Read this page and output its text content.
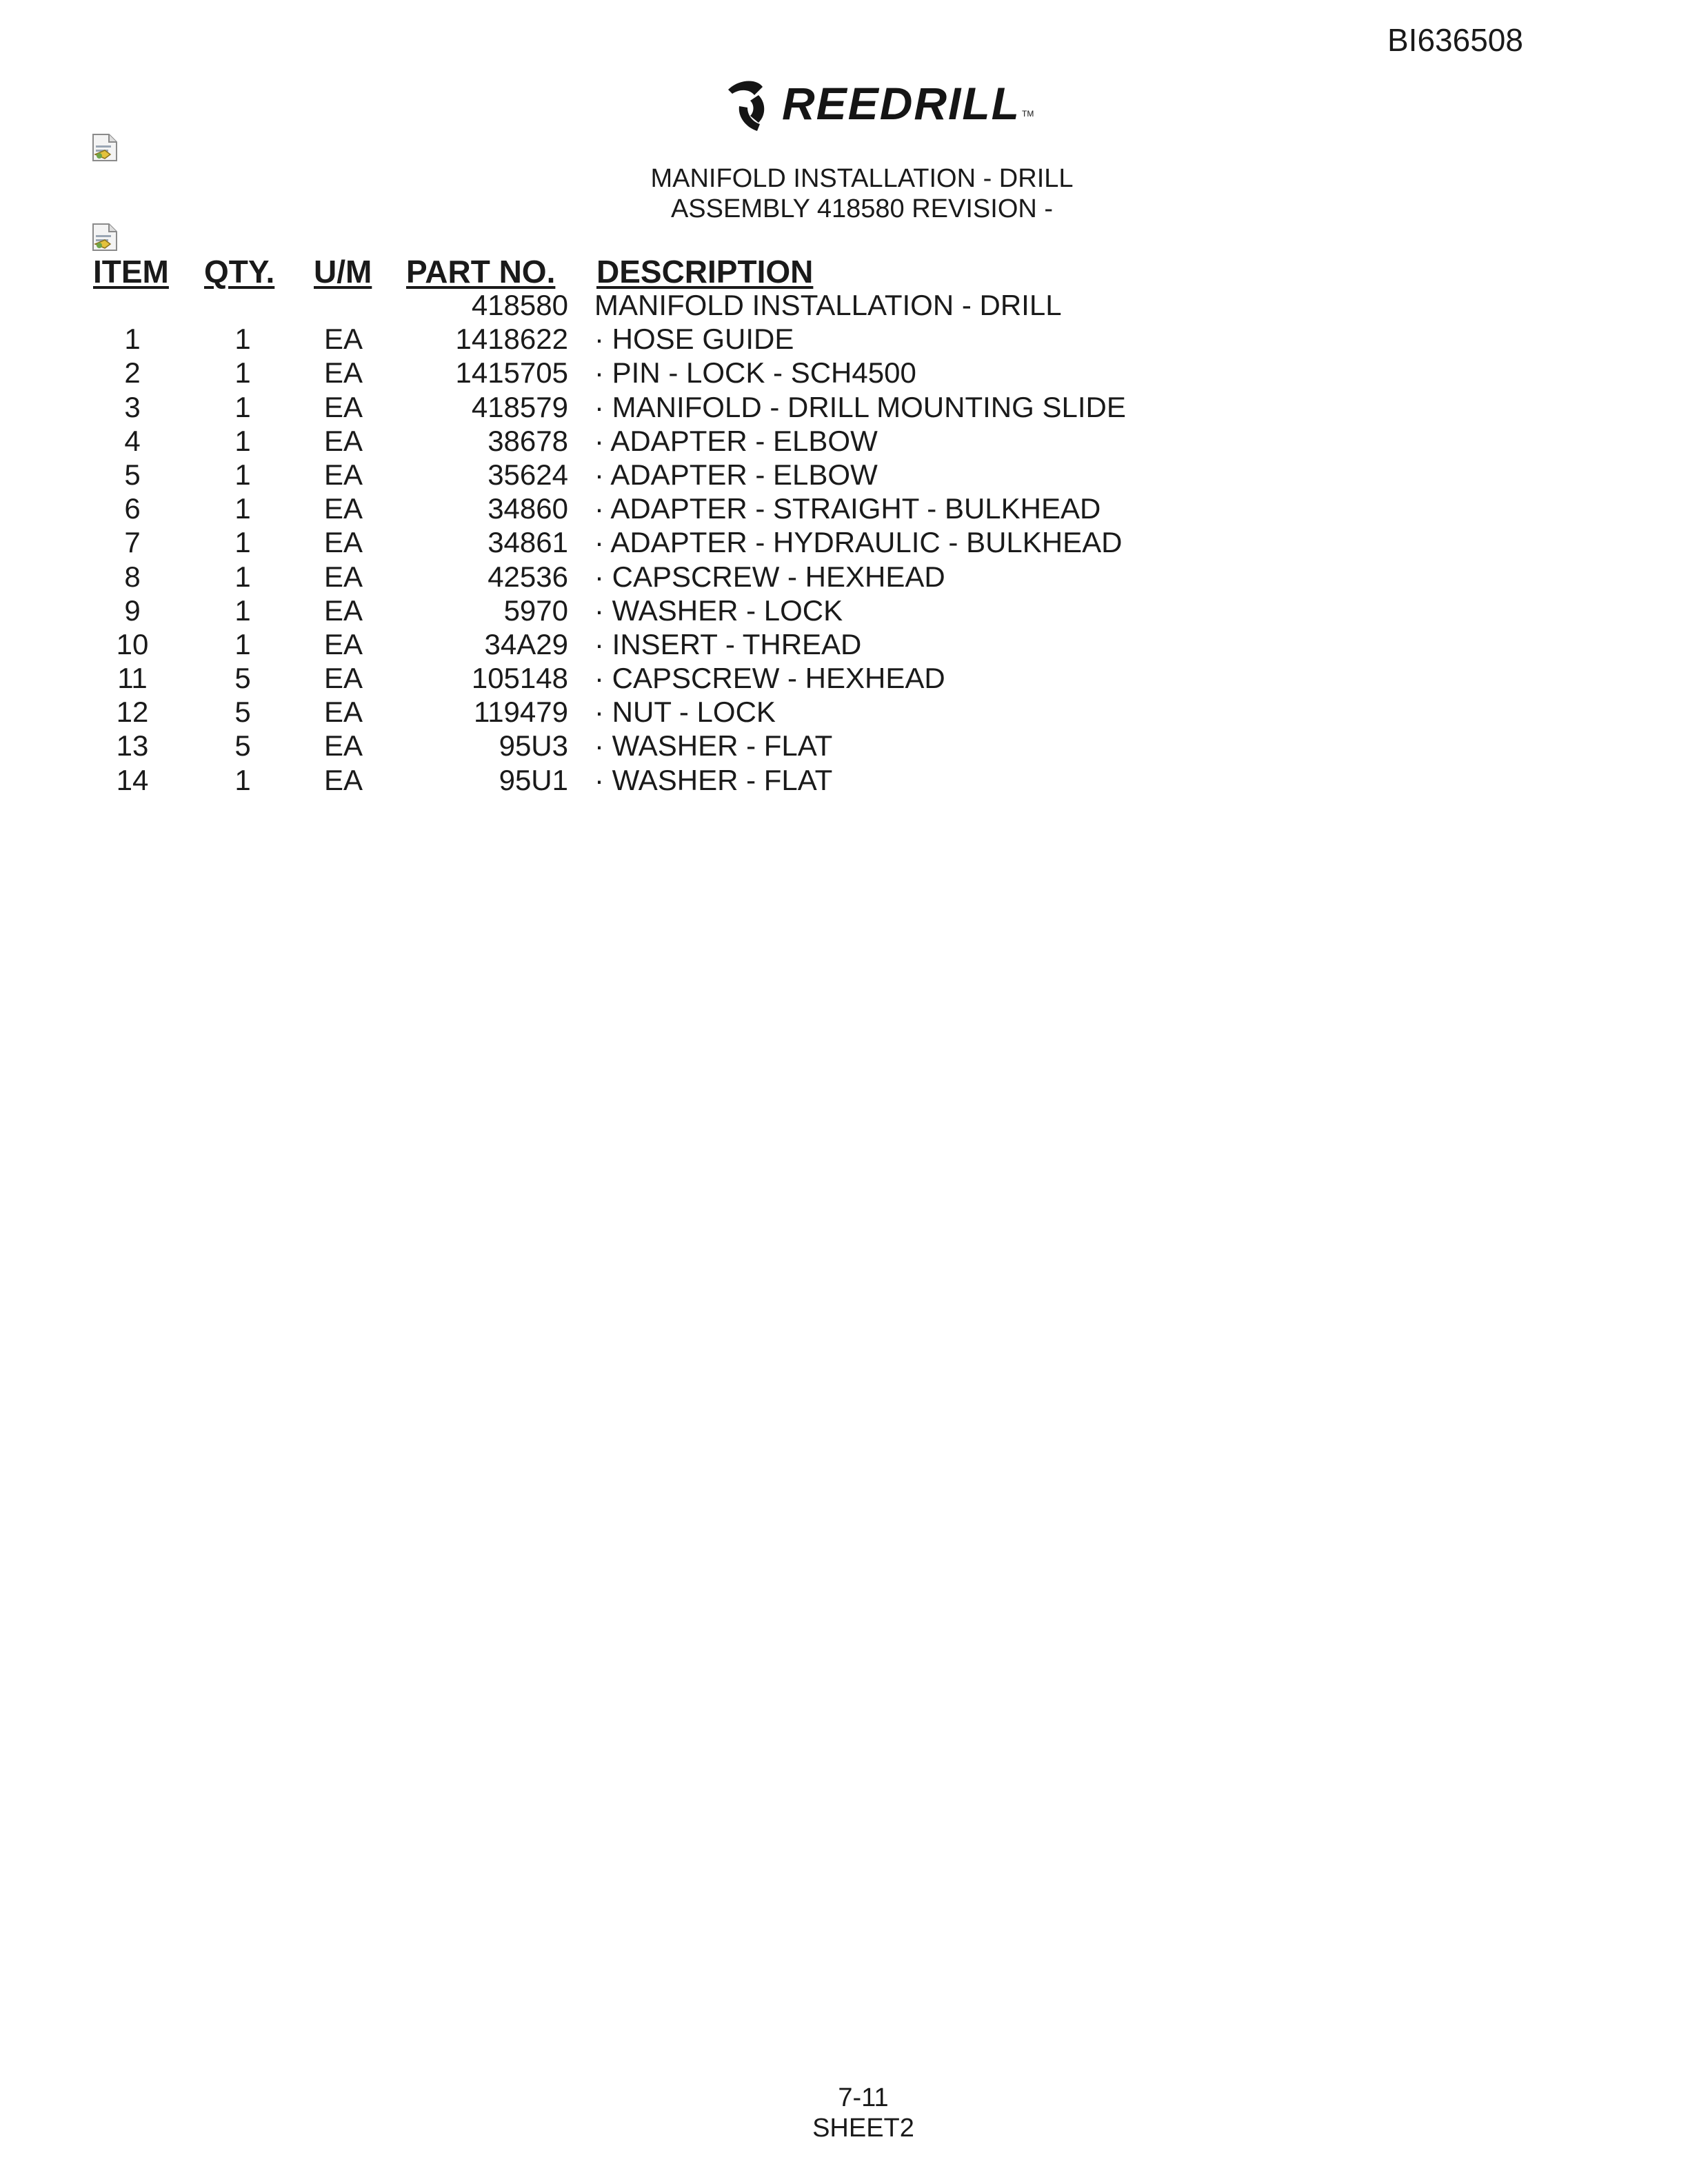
BI636508
REEDRILL TM
MANIFOLD INSTALLATION - DRILL
ASSEMBLY 418580 REVISION -
ITEM QTY. U/M PART NO. DESCRIPTION
418580 MANIFOLD INSTALLATION - DRILL
1	1	EA	1418622 · HOSE GUIDE
2	1	EA	1415705 · PIN - LOCK - SCH4500
3	1	EA	418579 · MANIFOLD - DRILL MOUNTING SLIDE
4	1	EA	38678 · ADAPTER - ELBOW
5	1	EA	35624 · ADAPTER - ELBOW
6	1	EA	34860 · ADAPTER - STRAIGHT - BULKHEAD
7	1	EA	34861 · ADAPTER - HYDRAULIC - BULKHEAD
8	1	EA	42536 · CAPSCREW - HEXHEAD
9	1	EA	5970 · WASHER - LOCK
10	1	EA	34A29 · INSERT - THREAD
11	5	EA	105148 · CAPSCREW - HEXHEAD
12	5	EA	119479 · NUT - LOCK
13	5	EA	95U3 · WASHER - FLAT
14	1	EA	95U1 · WASHER - FLAT
7-11
SHEET2
